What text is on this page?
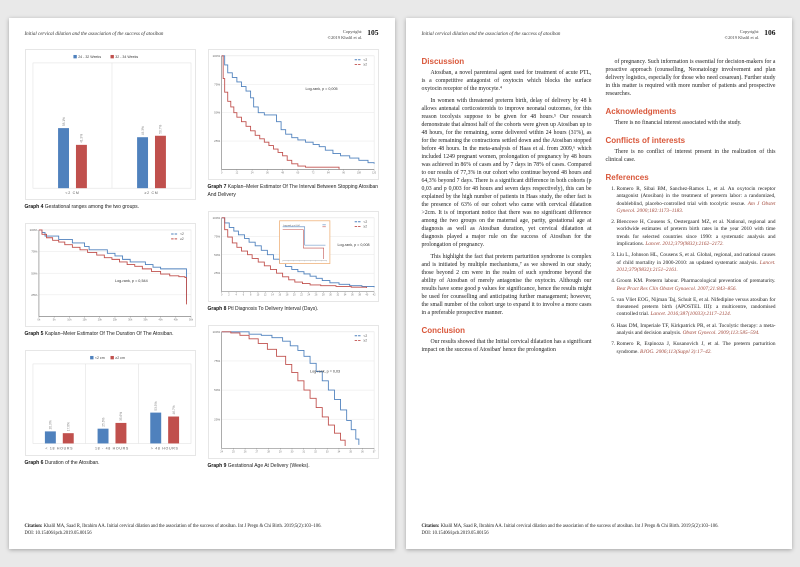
Initial cervical dilation and the association of the success of atosiban
Copyright:
©2019 Khalil et al.
105
24 - 32 Weeks	32 - 34 Weeks
58.1%
41.9%
<2 CM
49.3%	50.7%
≥2 CM
Graph 4 Gestational ranges among the two groups.
25%
50%
75%
100%
0h	5h	10h	15h	20h	25h	30h	35h	40h	45h	50h
<2
≥2
Log-rank, p = 0,544
Graph 5 Kaplan–Meier Estimator Of The Duration Of The Atosiban.
<2 cm	≥2 cm
20.9%	17.8%
< 18 HOURS
25.6%
35.6%
18 - 48 HOURS
53.5%	46.7%
> 48 HOURS
Graph 6 Duration of the Atosiban.
25%
50%
75%
100%
0	12	24	36	48	60	72	84	96	108	120
<2
≥2
Log-rank, p = 0,005
Graph 7 Kaplan–Meier Estimator Of The Interval Between Stopping Atosiban And Delivery
25%
50%
75%
100%
0 2 4 6 8 10 12 14 16 18 20 22 24 26 28 30 32 34 36 38 40 42
<2
≥2
Log-rank, p = 0,008
Log-rank, p = 0,04
Graph 8 Ptl Diagnosis To Delivery Interval (Days).
25%
50%
75%
100%
24	25	26	27	28	29	30	31	32	33	34	35	36	37
<2
≥2
Log-rank, p = 0,03
Graph 9 Gestational Age At Delivery (Weeks).
Citation: Khalil MA, Saad R, Ibrahim AA. Initial cervical dilation and the association of the success of atosiban. Int J Pregn & Chi Birth. 2019;5(2):103‒106.
DOI: 10.15406/ipcb.2019.05.00156
Initial cervical dilation and the association of the success of atosiban
Copyright:
©2019 Khalil et al.
106
Discussion

Atosiban, a novel parenteral agent used for treatment of acute PTL, is a competitive antagonist of oxytocin which blocks the surface oxytocin receptor of the myocyte.⁴

In women with threatened preterm birth, delay of delivery by 48 h allows antenatal corticosteroids to improve neonatal outcomes, for this reason tocolysis suppose to be given for 48 hours.⁵ Our research demonstrate that almost half of the cohorts were given up Atosiban up to 48 hours, for the remaining, some delivered within 24 hours (31%), as for the remaining the contractions settled down and the Atosiban stopped before 48 hours. In the meta-analysis of Haas et al. from 2009,⁶ which included 1249 pregnant women, prolongation of pregnancy by 48 hours was achieved in 86% of cases and by 7 days in 78% of cases. Compared to our results of 77,3% in our cohort who continue beyond 48 hours and 64,3% beyond 7 days. There is a significant difference in both cohorts (p 0,03 and p 0,003 for 48 hours and seven days respectively), this can be explained by the high number of patients in Haas study, the other fact is the presence of 63% of our cohort who came with cervical dilatation >2cm. It is of important notice that there was no significant difference among the two groups on the maternal age, parity, gestational age at diagnosis as well as Atosiban duration, yet cervical dilatation at diagnosis played a major rule on the success of Atosiban for the prolongation of pregnancy.

This highlight the fact that preterm parturition syndrome is complex and is initiated by multiple mechanisms,⁷ as we showed in our study; those beyond 2 cm were in the realm of such syndrome beyond the ability of Atosiban of merely antagonise the oxytocin. Although our results have some good p values for significance, hence the results might be used for counselling and anticipating further management; however, the small number of the cohort urge to expand it to involve a more cases in a preferable prospective manner.

Conclusion

Our results showed that the Initial cervical dilatation has a significant impact on the success of Atosiban' hence the prolongation

of pregnancy. Such information is essential for decision-makers for a proactive approach (counselling, Neonatology involvement and plan delivery logistics, especially for those who need cesarean). Further study in this matter is required with more number of patients and prospective researches.

Acknowledgments

There is no financial interest associated with the study.

Conflicts of interests

There is no conflict of interest present in the realization of this clinical case.

References
1. Romero R, Sibai BM, Sanchez-Ramos L, et al. An oxytocin receptor antagonist (Atosiban) in the treatment of preterm labor: a randomized, doubleblind, placebo-controlled trial with tocolytic rescue. Am J Obstet Gynecol. 2000;182:1173–1183.
2. Blencowe H, Cousens S, Oestergaard MZ, et al. National, regional and worldwide estimates of preterm birth rates in the year 2010 with time trends for selected countries since 1990: a systematic analysis and implications. Lancet. 2012;379(9832):2162–2172.
3. Liu L, Johnson HL, Cousens S, et al. Global, regional, and national causes of child mortality in 2000-2010: an updated systematic analysis. Lancet. 2012;379(9832):2151–2161.
4. Groom KM. Preterm labour. Pharmacological prevention of prematurity. Best Pract Res Clin Obstet Gynaecol. 2007;21:843–856.
5. van Vliet EOG, Nijman Taj, Schuit E, et al. Nifedipine versus atosiban for threatened preterm birth (APOSTEL III): a multicentre, randomised controlled trial. Lancet. 2016;387(10033):2117–2124.
6. Haas DM, Imperiale TF, Kirkpatrick PR, et al. Tocolytic therapy: a meta-analysis and decision analysis. Obstet Gynecol. 2009;113:585–594.
7. Romero R, Espinoza J, Kusanovich J, et al. The preterm parturition syndrome. BJOG. 2006;113(Suppl 3):17–42.
Citation: Khalil MA, Saad R, Ibrahim AA. Initial cervical dilation and the association of the success of atosiban. Int J Pregn & Chi Birth. 2019;5(2):103‒106.
DOI: 10.15406/ipcb.2019.05.00156
